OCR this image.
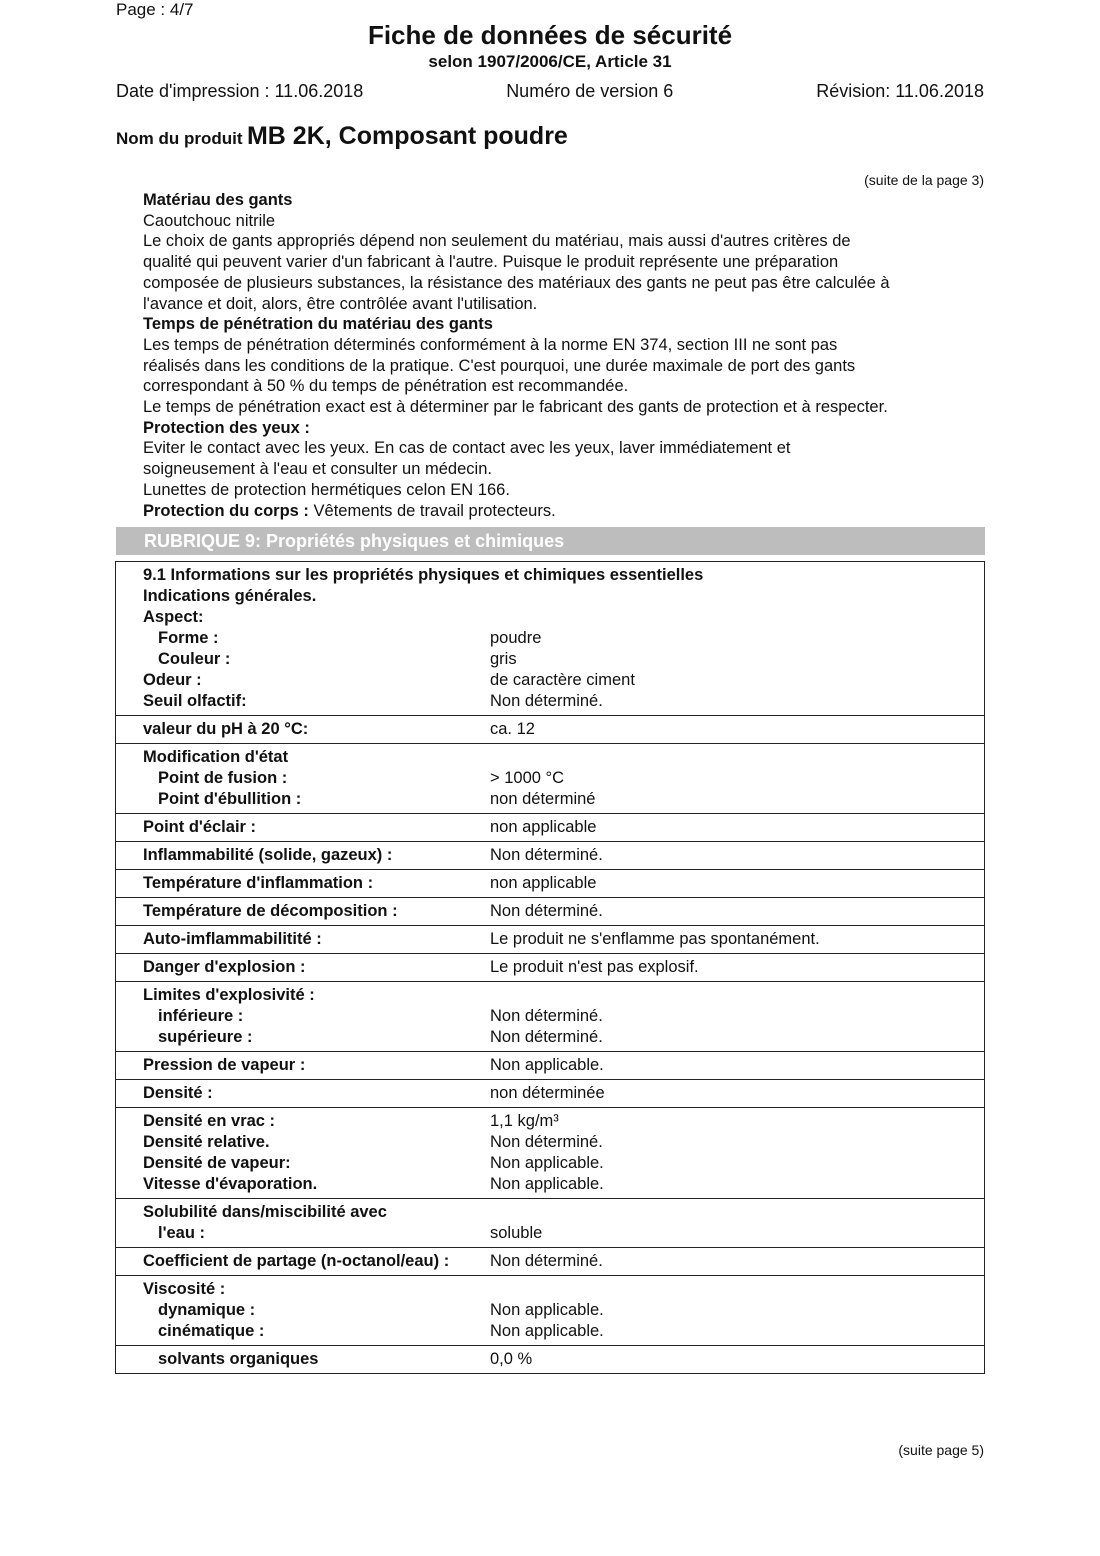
Page : 4/7
Fiche de données de sécurité
selon 1907/2006/CE, Article 31
Date d'impression : 11.06.2018	Numéro de version 6	Révision: 11.06.2018
Nom du produit MB 2K, Composant poudre
(suite de la page 3)

Matériau des gants

Caoutchouc nitrile

Le choix de gants appropriés dépend non seulement du matériau, mais aussi d'autres critères de

qualité qui peuvent varier d'un fabricant à l'autre. Puisque le produit représente une préparation

composée de plusieurs substances, la résistance des matériaux des gants ne peut pas être calculée à

l'avance et doit, alors, être contrôlée avant l'utilisation.

Temps de pénétration du matériau des gants

Les temps de pénétration déterminés conformément à la norme EN 374, section III ne sont pas

réalisés dans les conditions de la pratique. C'est pourquoi, une durée maximale de port des gants

correspondant à 50 % du temps de pénétration est recommandée.

Le temps de pénétration exact est à déterminer par le fabricant des gants de protection et à respecter.

Protection des yeux :

Eviter le contact avec les yeux. En cas de contact avec les yeux, laver immédiatement et

soigneusement à l'eau et consulter un médecin.

Lunettes de protection hermétiques celon EN 166.

Protection du corps : Vêtements de travail protecteurs.

RUBRIQUE 9: Propriétés physiques et chimiques
9.1 Informations sur les propriétés physiques et chimiques essentielles
Indications générales.
Aspect:
Forme :	poudre
Couleur :	gris
Odeur :	de caractère ciment
Seuil olfactif:	Non déterminé.
valeur du pH à 20 °C:	ca. 12
Modification d'état
Point de fusion :	> 1000 °C
Point d'ébullition :	non déterminé
Point d'éclair :	non applicable
Inflammabilité (solide, gazeux) :	Non déterminé.
Température d'inflammation :	non applicable
Température de décomposition :	Non déterminé.
Auto-imflammabilitité :	Le produit ne s'enflamme pas spontanément.
Danger d'explosion :	Le produit n'est pas explosif.
Limites d'explosivité :
inférieure :	Non déterminé.
supérieure :	Non déterminé.
Pression de vapeur :	Non applicable.
Densité :	non déterminée
Densité en vrac :	1,1 kg/m³
Densité relative.	Non déterminé.
Densité de vapeur:	Non applicable.
Vitesse d'évaporation.	Non applicable.
Solubilité dans/miscibilité avec
l'eau :	soluble
Coefficient de partage (n-octanol/eau) : Non déterminé.
Viscosité :
dynamique :	Non applicable.
cinématique :	Non applicable.
solvants organiques	0,0 %
(suite page 5)
